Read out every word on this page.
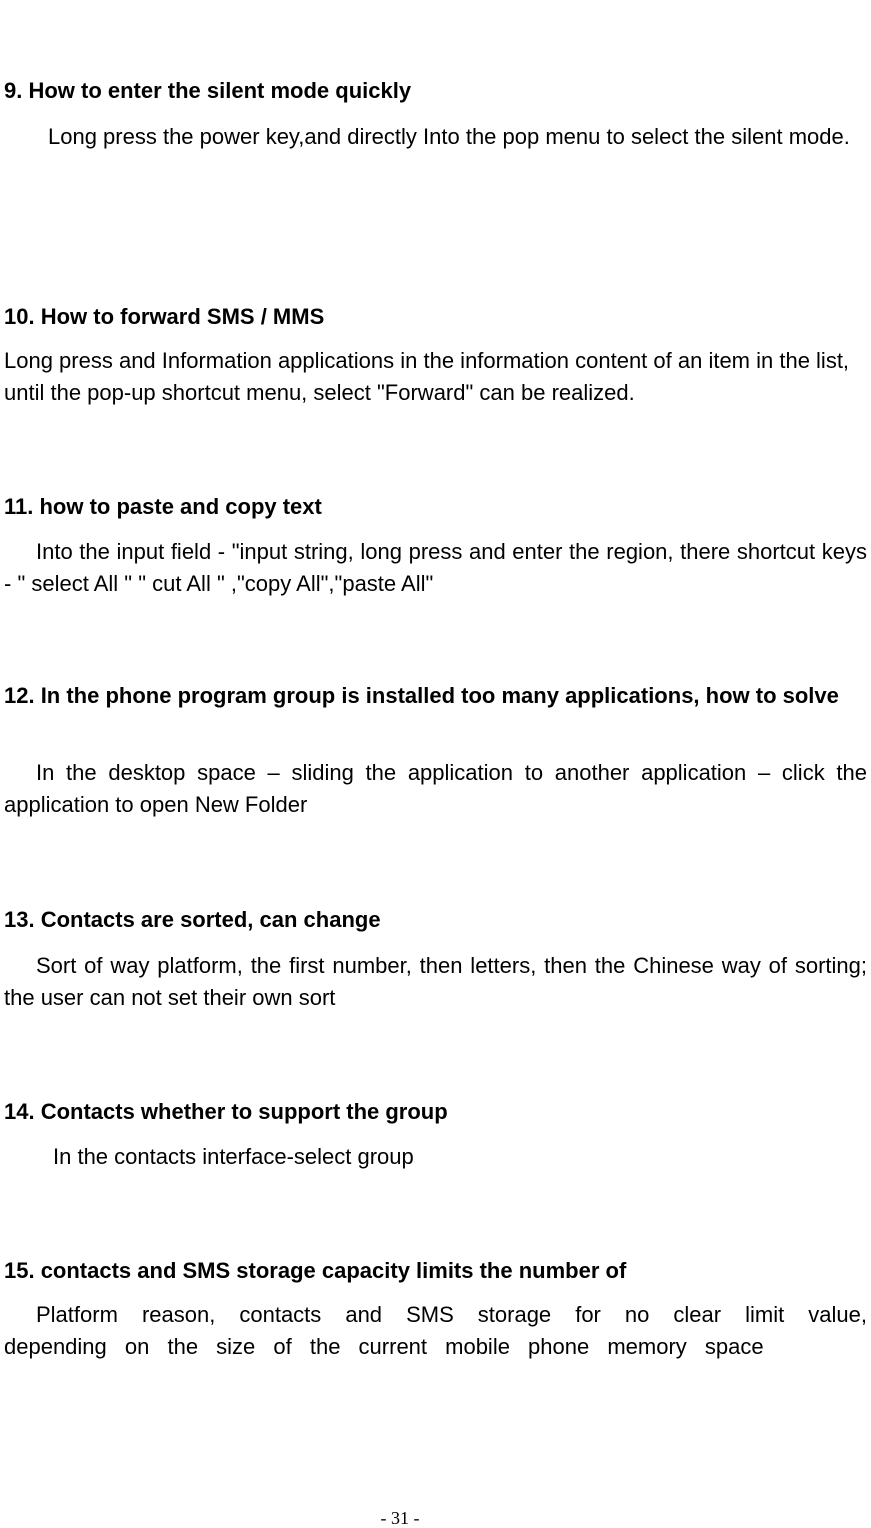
9. How to enter the silent mode quickly

Long press the power key,and directly Into the pop menu to select the silent mode.

10. How to forward SMS / MMS

Long press and Information applications in the information content of an item in the list, until the pop-up shortcut menu, select "Forward" can be realized.

11. how to paste and copy text

Into the input field - "input string, long press and enter the region, there shortcut keys - " select All " " cut All " ,"copy All","paste All"

12. In the phone program group is installed too many applications, how to solve

In the desktop space – sliding the application to another application – click the application to open New Folder

13. Contacts are sorted, can change

Sort of way platform, the first number, then letters, then the Chinese way of sorting; the user can not set their own sort

14. Contacts whether to support the group

In the contacts interface-select group

15. contacts and SMS storage capacity limits the number of

Platform reason, contacts and SMS storage for no clear limit value, depending on the size of the current mobile phone memory space

- 31 -
